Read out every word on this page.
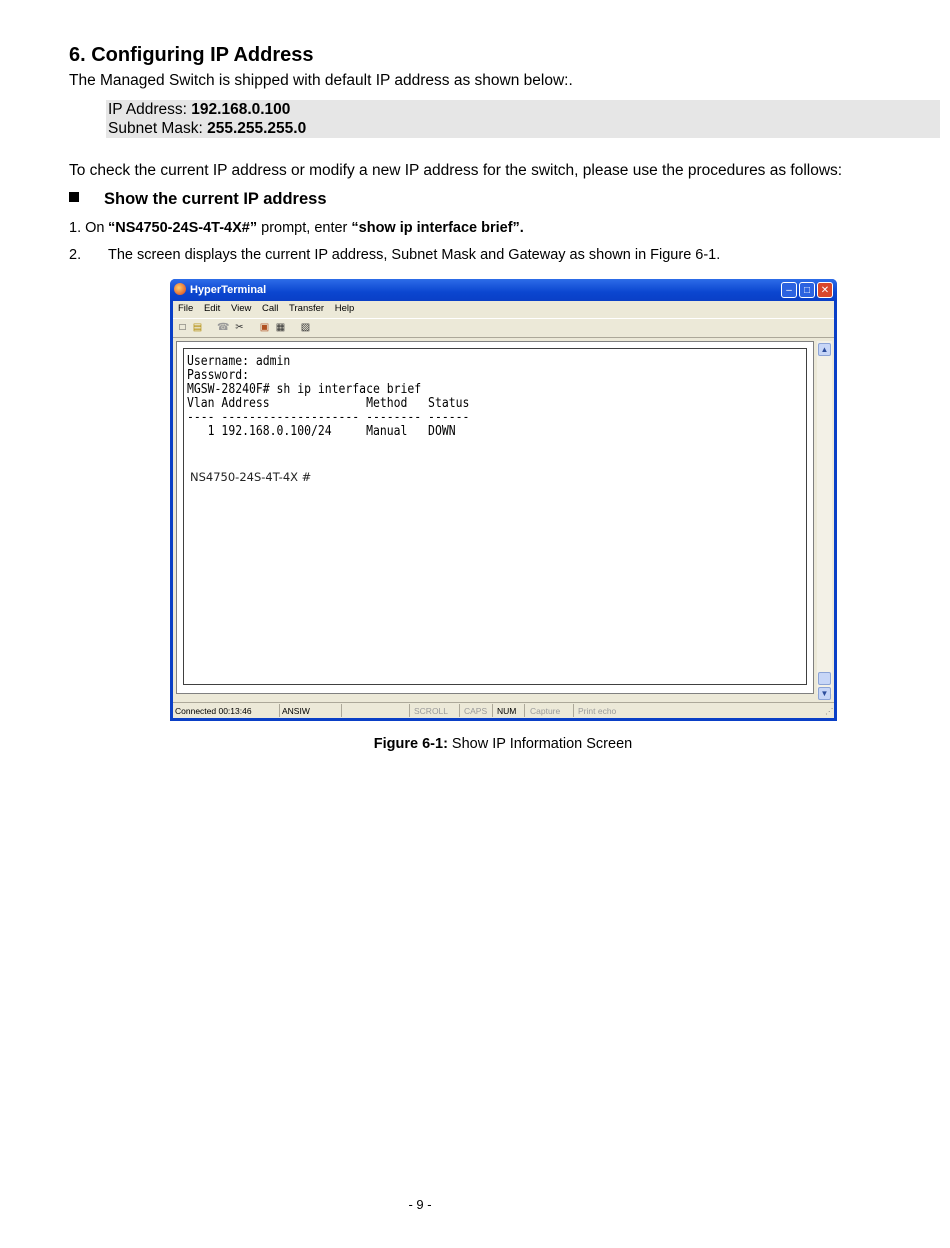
6. Configuring IP Address
The Managed Switch is shipped with default IP address as shown below:.
IP Address: 192.168.0.100
Subnet Mask: 255.255.255.0
To check the current IP address or modify a new IP address for the switch, please use the procedures as follows:
Show the current IP address
1. On “NS4750-24S-4T-4X#” prompt, enter “show ip interface brief”.
2. The screen displays the current IP address, Subnet Mask and Gateway as shown in Figure 6-1.
HyperTerminal	–	□	✕
File Edit View Call Transfer Help
□ ▤ ☎ ✂ ▣ ▦ ▧
Username: admin
Password:
MGSW-28240F# sh ip interface brief
Vlan Address              Method   Status
---- -------------------- -------- ------
1 192.168.0.100/24     Manual   DOWN
NS4750-24S-4T-4X #
▲
▼
Connected 00:13:46	ANSIW	SCROLL CAPS NUM Capture Print echo	⋰
Figure 6-1: Show IP Information Screen
- 9 -
